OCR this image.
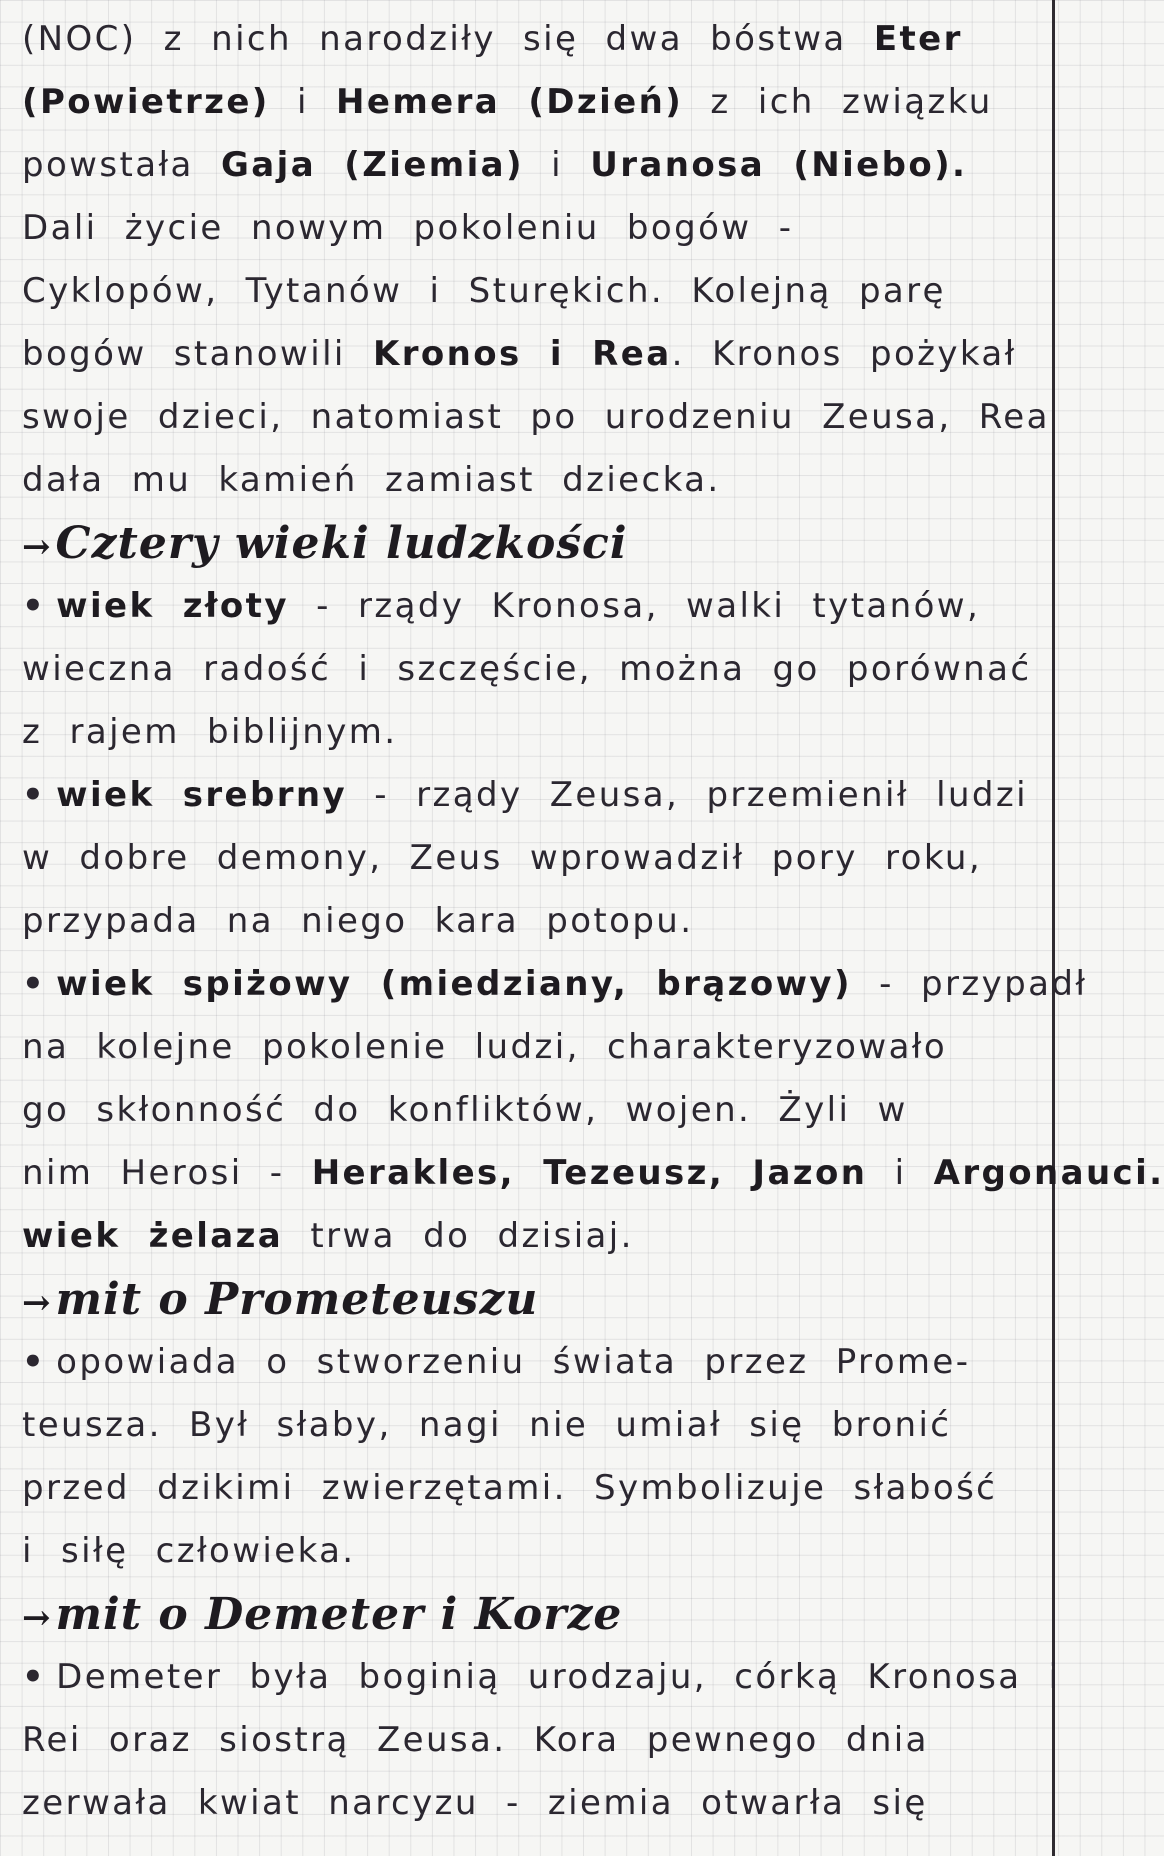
(NOC) z nich narodziły się dwa bóstwa Eter
(Powietrze) i Hemera (Dzień) z ich związku
powstała Gaja (Ziemia) i Uranosa (Niebo).
Dali życie nowym pokoleniu bogów -
Cyklopów, Tytanów i Sturękich. Kolejną parę
bogów stanowili Kronos i Rea. Kronos pożykał
swoje dzieci, natomiast po urodzeniu Zeusa, Rea
dała mu kamień zamiast dziecka.
→Cztery wieki ludzkości
• wiek złoty - rządy Kronosa, walki tytanów,
wieczna radość i szczęście, można go porównać
z rajem biblijnym.
• wiek srebrny - rządy Zeusa, przemienił ludzi
w dobre demony, Zeus wprowadził pory roku,
przypada na niego kara potopu.
• wiek spiżowy (miedziany, brązowy) - przypadł
na kolejne pokolenie ludzi, charakteryzowało
go skłonność do konfliktów, wojen. Żyli w
nim Herosi - Herakles, Tezeusz, Jazon i Argonauci.
wiek żelaza trwa do dzisiaj.
→mit o Prometeuszu
• opowiada o stworzeniu świata przez Prome-
teusza. Był słaby, nagi nie umiał się bronić
przed dzikimi zwierzętami. Symbolizuje słabość
i siłę człowieka.
→mit o Demeter i Korze
• Demeter była boginią urodzaju, córką Kronosa i
Rei oraz siostrą Zeusa. Kora pewnego dnia
zerwała kwiat narcyzu - ziemia otwarła się
